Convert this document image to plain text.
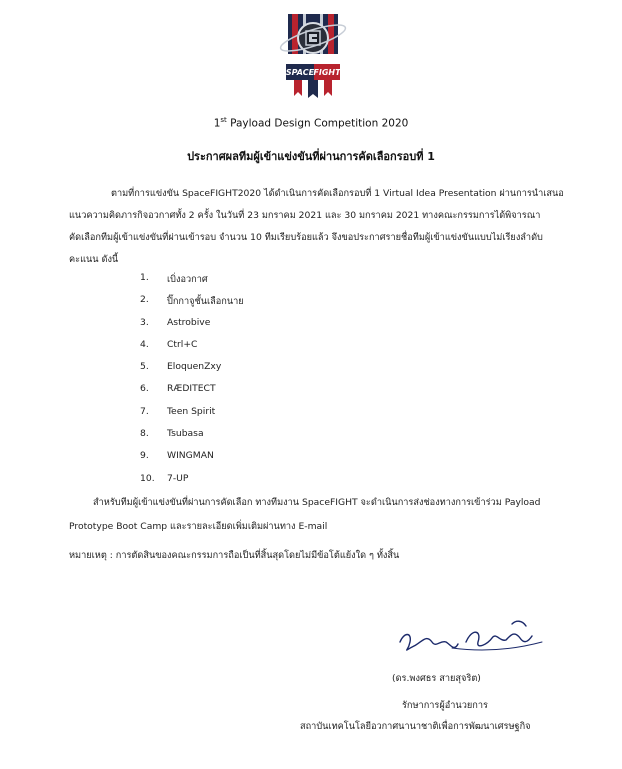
SPACE FIGHT
1st Payload Design Competition 2020
ประกาศผลทีมผู้เข้าแข่งขันที่ผ่านการคัดเลือกรอบที่ 1
ตามที่การแข่งขัน SpaceFIGHT2020 ได้ดำเนินการคัดเลือกรอบที่ 1 Virtual Idea Presentation ผ่านการนำเสนอ
แนวความคิดภารกิจอวกาศทั้ง 2 ครั้ง ในวันที่ 23 มกราคม 2021 และ 30 มกราคม 2021 ทางคณะกรรมการได้พิจารณา
คัดเลือกทีมผู้เข้าแข่งขันที่ผ่านเข้ารอบ จำนวน 10 ทีมเรียบร้อยแล้ว จึงขอประกาศรายชื่อทีมผู้เข้าแข่งขันแบบไม่เรียงลำดับ
คะแนน ดังนี้
1.	เบิ่งอวกาศ
2.	ปิ๊กกาจูชั้นเลือกนาย
3.	Astrobive
4.	Ctrl+C
5.	EloquenZxy
6.	RÆDITECT
7.	Teen Spirit
8.	Tsubasa
9.	WINGMAN
10.	7-UP
สำหรับทีมผู้เข้าแข่งขันที่ผ่านการคัดเลือก ทางทีมงาน SpaceFIGHT จะดำเนินการส่งช่องทางการเข้าร่วม Payload
Prototype Boot Camp และรายละเอียดเพิ่มเติมผ่านทาง E-mail
หมายเหตุ : การตัดสินของคณะกรรมการถือเป็นที่สิ้นสุดโดยไม่มีข้อโต้แย้งใด ๆ ทั้งสิ้น
(ดร.พงศธร สายสุจริต)
รักษาการผู้อำนวยการ
สถาบันเทคโนโลยีอวกาศนานาชาติเพื่อการพัฒนาเศรษฐกิจ
